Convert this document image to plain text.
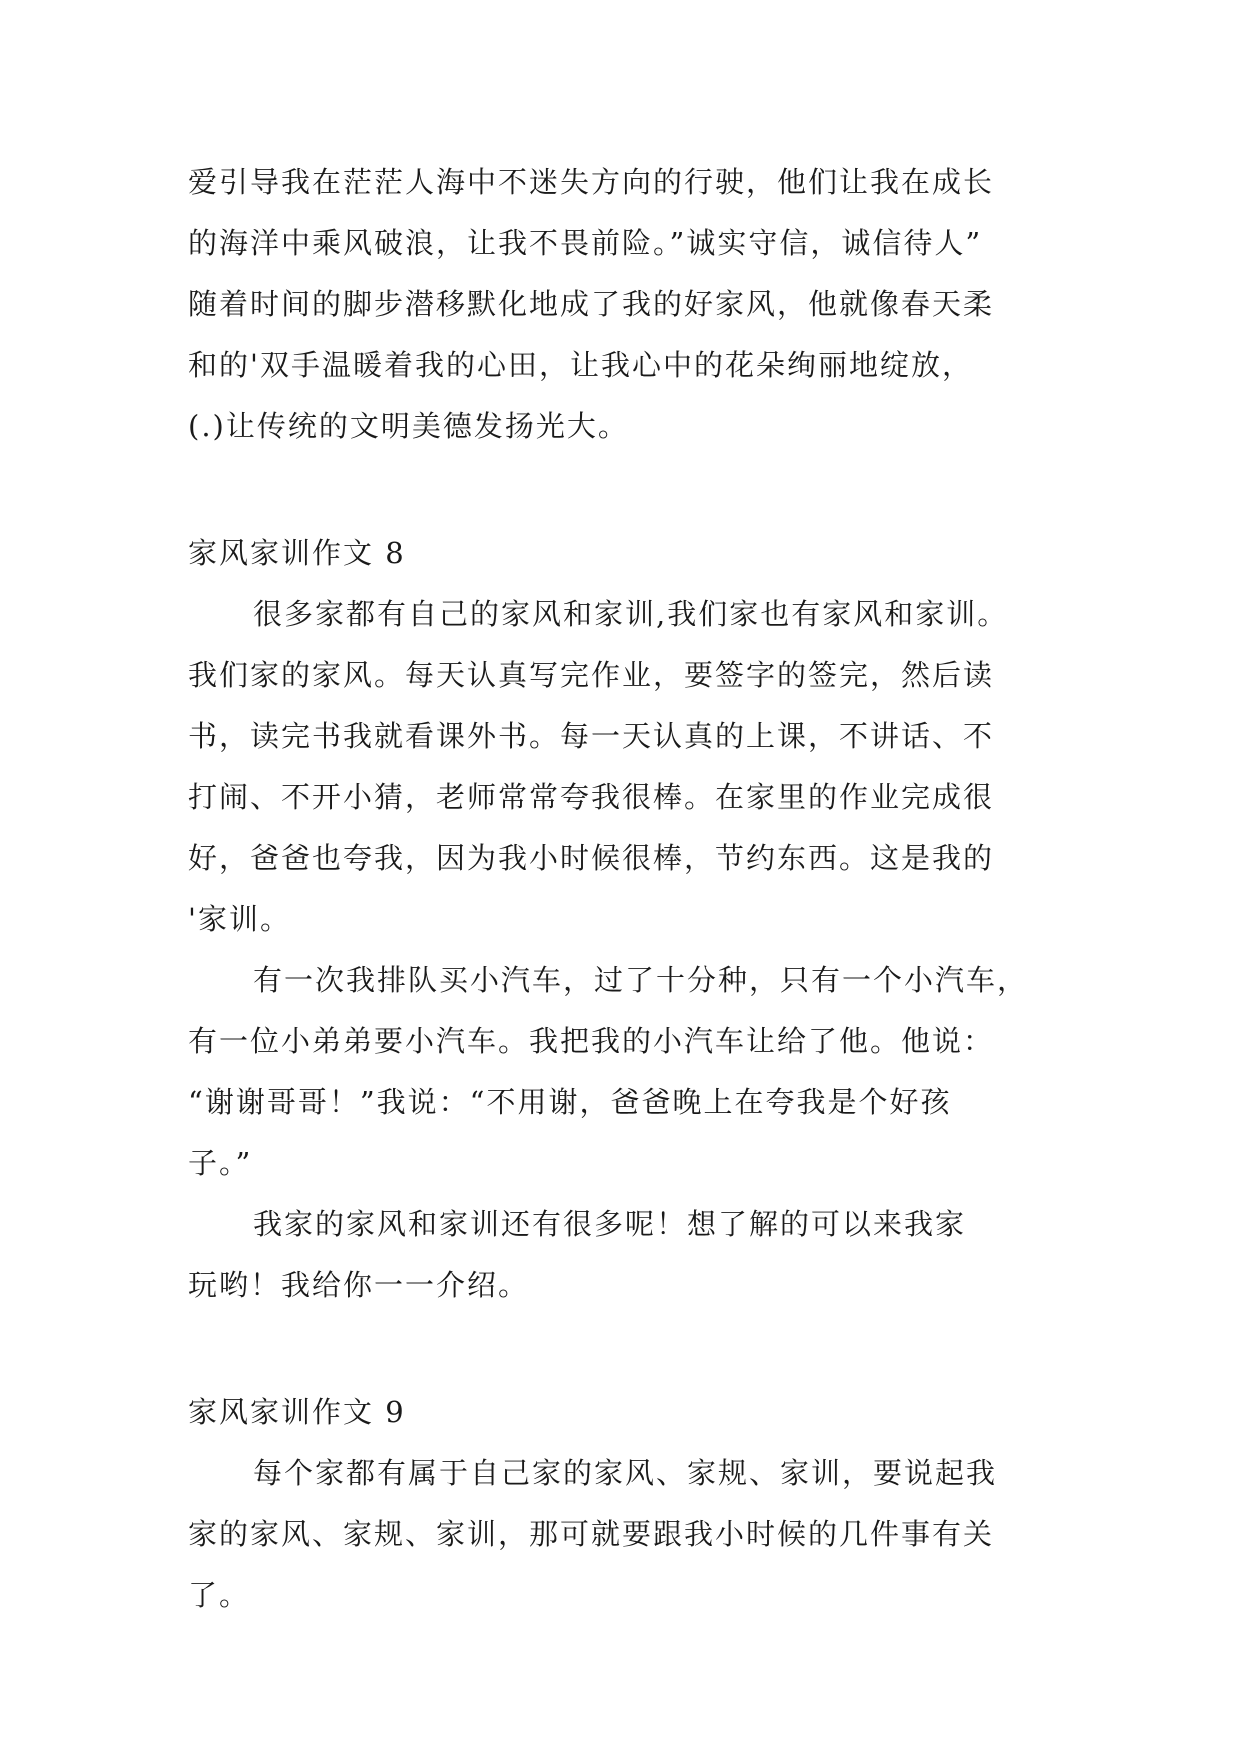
爱引导我在茫茫人海中不迷失方向的行驶，他们让我在成长
的海洋中乘风破浪，让我不畏前险。”诚实守信，诚信待人”
随着时间的脚步潜移默化地成了我的好家风，他就像春天柔
和的'双手温暖着我的心田，让我心中的花朵绚丽地绽放，
(.)让传统的文明美德发扬光大。
家风家训作文 8
很多家都有自己的家风和家训,我们家也有家风和家训。
我们家的家风。每天认真写完作业，要签字的签完，然后读
书，读完书我就看课外书。每一天认真的上课，不讲话、不
打闹、不开小猜，老师常常夸我很棒。在家里的作业完成很
好，爸爸也夸我，因为我小时候很棒，节约东西。这是我的
'家训。
有一次我排队买小汽车，过了十分种，只有一个小汽车，
有一位小弟弟要小汽车。我把我的小汽车让给了他。他说：
“谢谢哥哥！”我说：“不用谢，爸爸晚上在夸我是个好孩
子。”
我家的家风和家训还有很多呢！想了解的可以来我家
玩哟！我给你一一介绍。
家风家训作文 9
每个家都有属于自己家的家风、家规、家训，要说起我
家的家风、家规、家训，那可就要跟我小时候的几件事有关
了。
